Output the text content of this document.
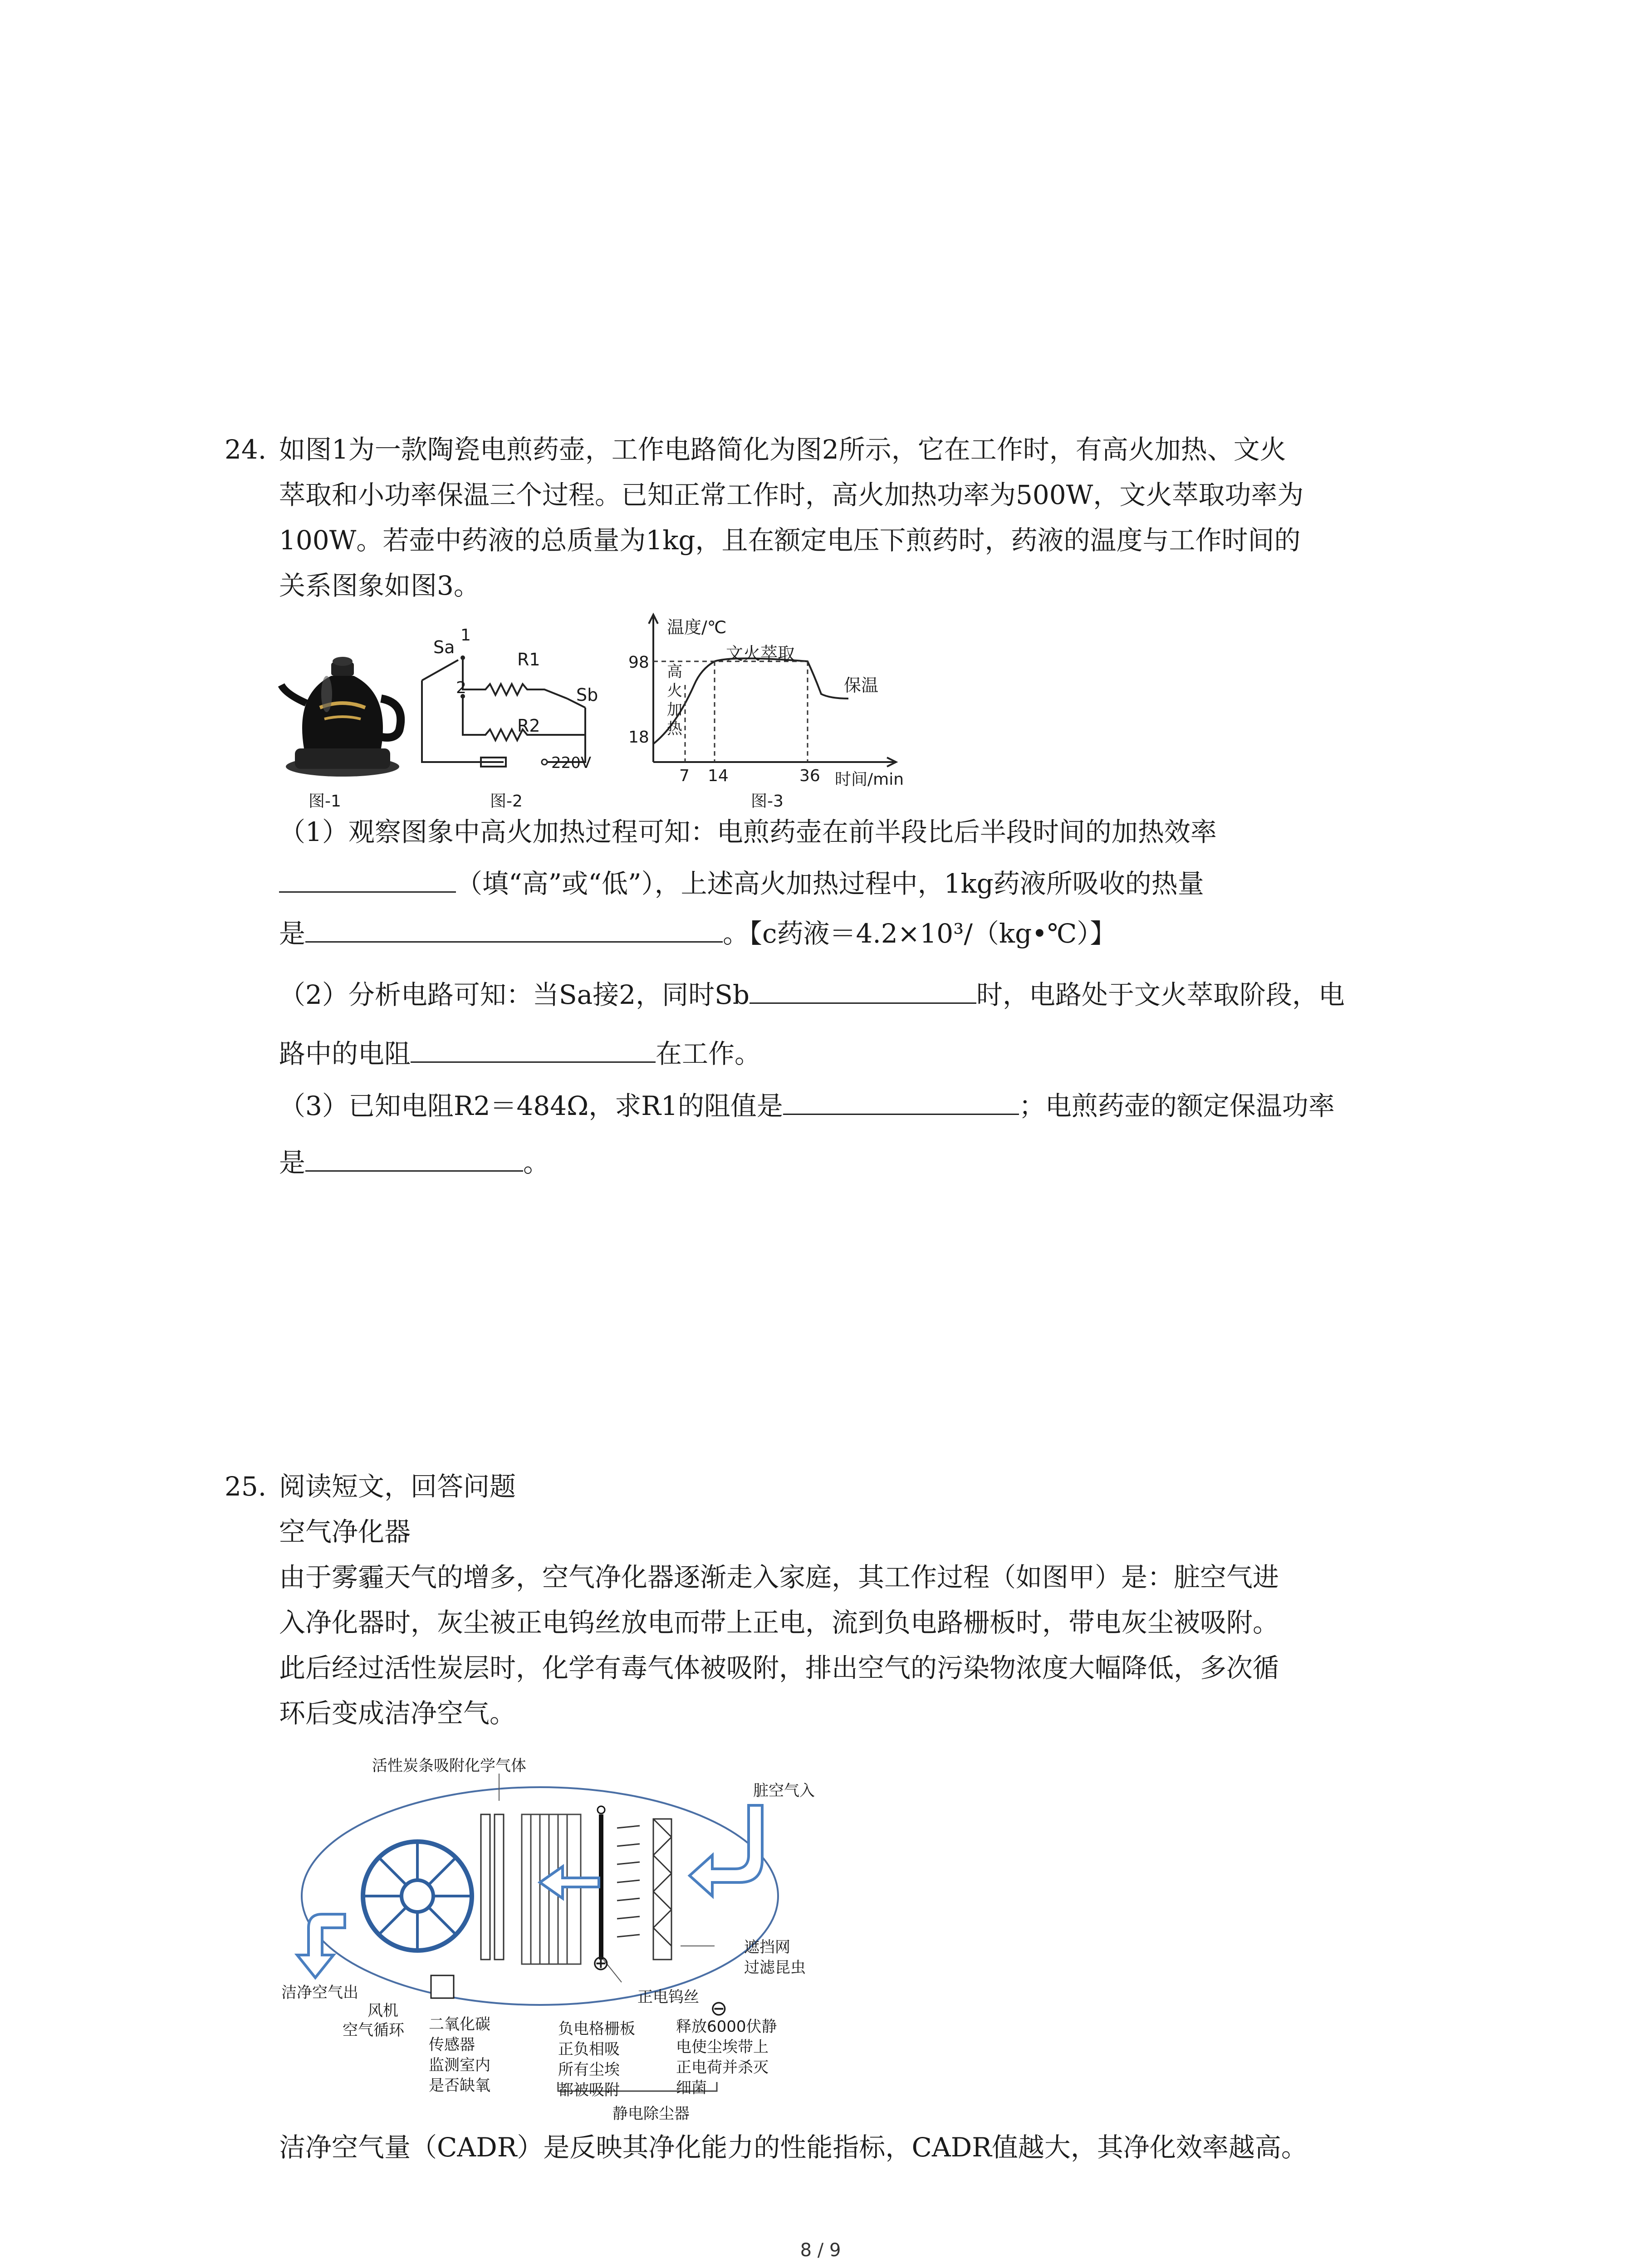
24. 如图1为一款陶瓷电煎药壶，工作电路简化为图2所示，它在工作时，有高火加热、文火
萃取和小功率保温三个过程。已知正常工作时，高火加热功率为500W，文火萃取功率为
100W。若壶中药液的总质量为1kg，且在额定电压下煎药时，药液的温度与工作时间的
关系图象如图3。
图-1
Sa
1
2
R1
R2
Sb
220V
图-2
温度/℃
98
18
7 14	36 时间/min
高火加热
文火萃取
保温
图-3
（1）观察图象中高火加热过程可知：电煎药壶在前半段比后半段时间的加热效率
（填“高”或“低”），上述高火加热过程中，1kg药液所吸收的热量
是	。【c药液＝4.2×10³/（kg•℃）】
（2）分析电路可知：当Sa接2，同时Sb	时，电路处于文火萃取阶段，电
路中的电阻	在工作。
（3）已知电阻R2＝484Ω，求R1的阻值是	；电煎药壶的额定保温功率
是	。
25. 阅读短文，回答问题
空气净化器
由于雾霾天气的增多，空气净化器逐渐走入家庭，其工作过程（如图甲）是：脏空气进
入净化器时，灰尘被正电钨丝放电而带上正电，流到负电路栅板时，带电灰尘被吸附。
此后经过活性炭层时，化学有毒气体被吸附，排出空气的污染物浓度大幅降低，多次循
环后变成洁净空气。
⊖
⊕
活性炭条吸附化学气体
脏空气入
遮挡网
过滤昆虫
洁净空气出	正电钨丝
风机
空气循环 二氧化碳
传感器
监测室内
是否缺氧
负电格栅板
正负相吸
所有尘埃
都被吸附
释放6000伏静
电使尘埃带上
正电荷并杀灭
细菌
静电除尘器
洁净空气量（CADR）是反映其净化能力的性能指标，CADR值越大，其净化效率越高。
8 / 9
